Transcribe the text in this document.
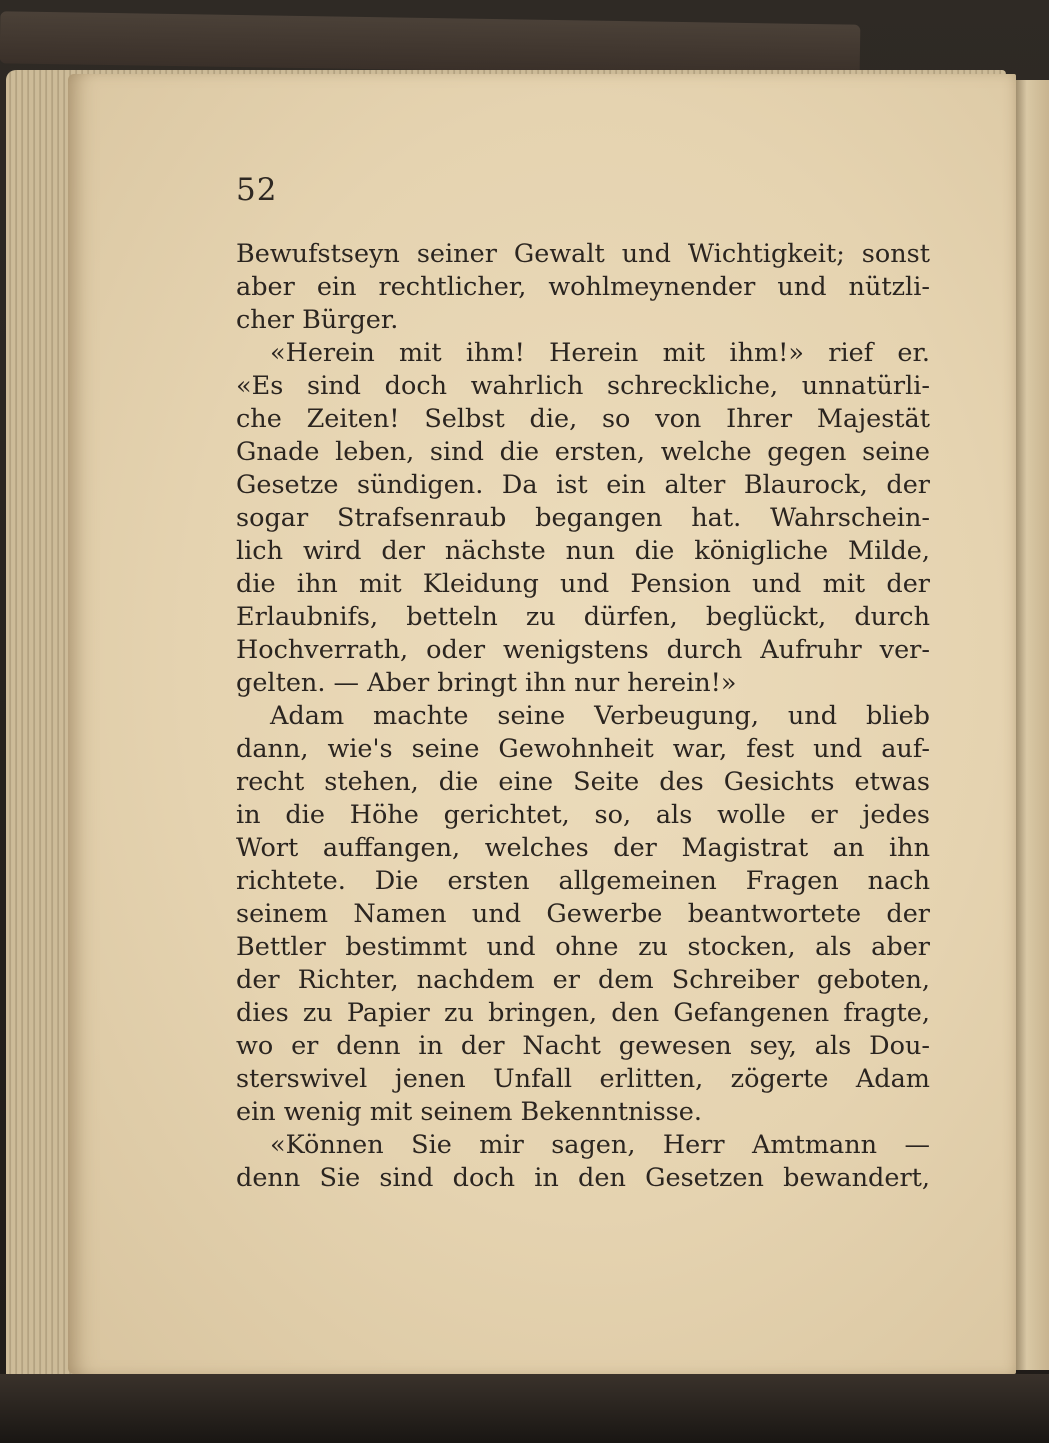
52
Bewufstseyn seiner Gewalt und Wichtigkeit; sonst
aber ein rechtlicher, wohlmeynender und nützli-
cher Bürger.
«Herein mit ihm! Herein mit ihm!» rief er.
«Es sind doch wahrlich schreckliche, unnatürli-
che Zeiten! Selbst die, so von Ihrer Majestät
Gnade leben, sind die ersten, welche gegen seine
Gesetze sündigen. Da ist ein alter Blaurock, der
sogar Strafsenraub begangen hat. Wahrschein-
lich wird der nächste nun die königliche Milde,
die ihn mit Kleidung und Pension und mit der
Erlaubnifs, betteln zu dürfen, beglückt, durch
Hochverrath, oder wenigstens durch Aufruhr ver-
gelten. — Aber bringt ihn nur herein!»
Adam machte seine Verbeugung, und blieb
dann, wie's seine Gewohnheit war, fest und auf-
recht stehen, die eine Seite des Gesichts etwas
in die Höhe gerichtet, so, als wolle er jedes
Wort auffangen, welches der Magistrat an ihn
richtete. Die ersten allgemeinen Fragen nach
seinem Namen und Gewerbe beantwortete der
Bettler bestimmt und ohne zu stocken, als aber
der Richter, nachdem er dem Schreiber geboten,
dies zu Papier zu bringen, den Gefangenen fragte,
wo er denn in der Nacht gewesen sey, als Dou-
sterswivel jenen Unfall erlitten, zögerte Adam
ein wenig mit seinem Bekenntnisse.
«Können Sie mir sagen, Herr Amtmann —
denn Sie sind doch in den Gesetzen bewandert,
